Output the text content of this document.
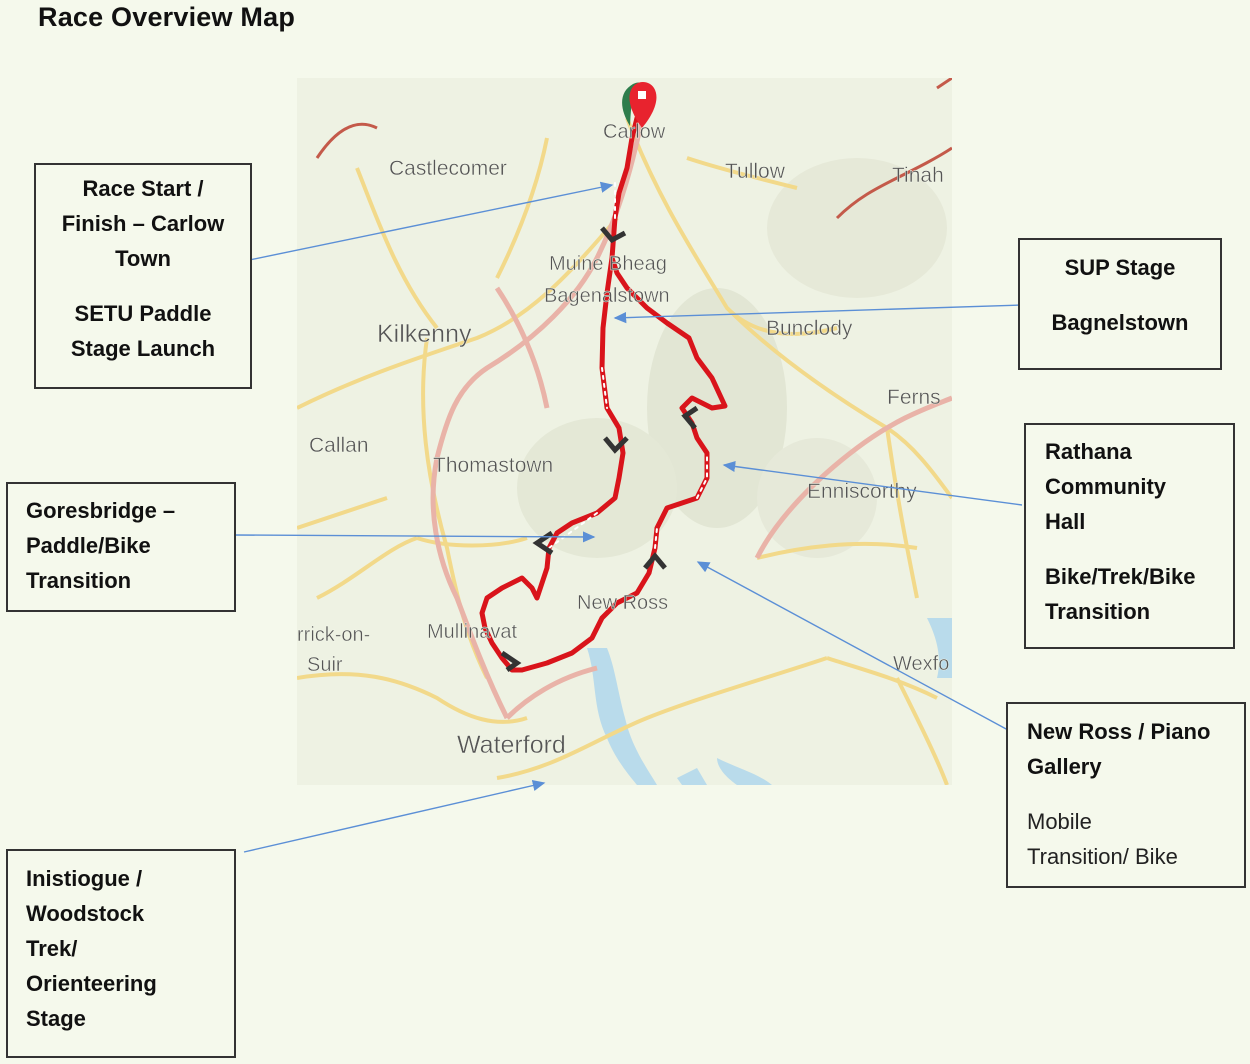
Race Overview Map
Carlow
Castlecomer	Tullow	Tinah
Muine Bheag
Bagenalstown
Bunclody
Kilkenny
Ferns
Callan
Thomastown
Enniscorthy
New Ross
rrick-on-
Suir
Mullinavat
Wexfo
Waterford
Race Start /
Finish – Carlow
Town
SETU Paddle
Stage Launch
SUP Stage
Bagnelstown
Rathana
Community
Hall
Bike/Trek/Bike
Transition
Goresbridge –
Paddle/Bike
Transition
New Ross / Piano
Gallery
Mobile
Transition/ Bike
Inistiogue /
Woodstock
Trek/
Orienteering
Stage
